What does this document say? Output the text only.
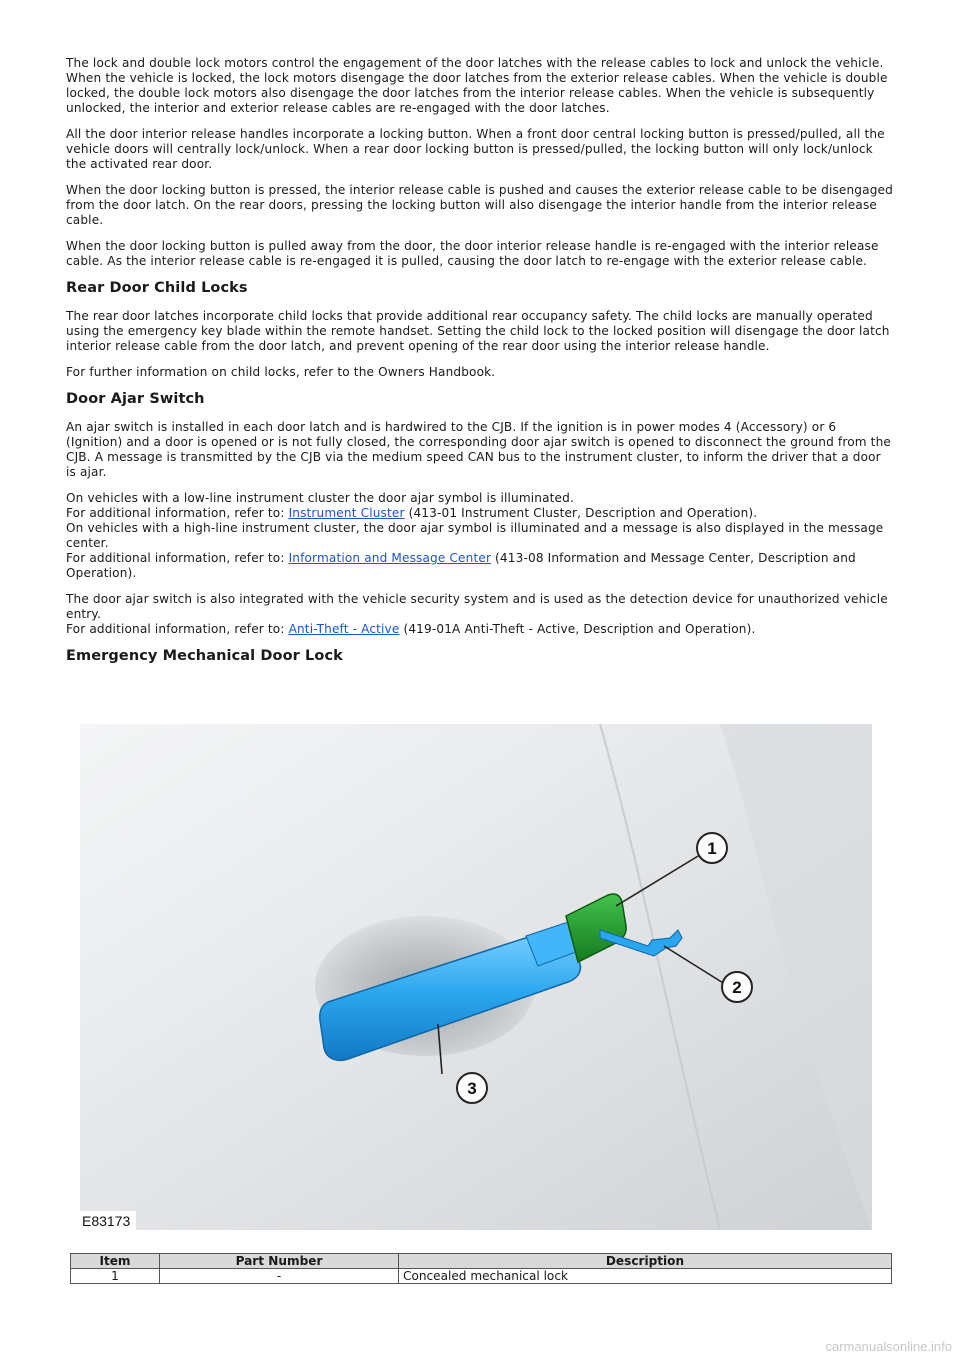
The lock and double lock motors control the engagement of the door latches with the release cables to lock and unlock the vehicle. When the vehicle is locked, the lock motors disengage the door latches from the exterior release cables. When the vehicle is double locked, the double lock motors also disengage the door latches from the interior release cables. When the vehicle is subsequently unlocked, the interior and exterior release cables are re-engaged with the door latches.

All the door interior release handles incorporate a locking button. When a front door central locking button is pressed/pulled, all the vehicle doors will centrally lock/unlock. When a rear door locking button is pressed/pulled, the locking button will only lock/unlock the activated rear door.

When the door locking button is pressed, the interior release cable is pushed and causes the exterior release cable to be disengaged from the door latch. On the rear doors, pressing the locking button will also disengage the interior handle from the interior release cable.

When the door locking button is pulled away from the door, the door interior release handle is re-engaged with the interior release cable. As the interior release cable is re-engaged it is pulled, causing the door latch to re-engage with the exterior release cable.

Rear Door Child Locks

The rear door latches incorporate child locks that provide additional rear occupancy safety. The child locks are manually operated using the emergency key blade within the remote handset. Setting the child lock to the locked position will disengage the door latch interior release cable from the door latch, and prevent opening of the rear door using the interior release handle.

For further information on child locks, refer to the Owners Handbook.

Door Ajar Switch

An ajar switch is installed in each door latch and is hardwired to the CJB. If the ignition is in power modes 4 (Accessory) or 6 (Ignition) and a door is opened or is not fully closed, the corresponding door ajar switch is opened to disconnect the ground from the CJB. A message is transmitted by the CJB via the medium speed CAN bus to the instrument cluster, to inform the driver that a door is ajar.

On vehicles with a low-line instrument cluster the door ajar symbol is illuminated.
For additional information, refer to: Instrument Cluster (413-01 Instrument Cluster, Description and Operation).
On vehicles with a high-line instrument cluster, the door ajar symbol is illuminated and a message is also displayed in the message center.
For additional information, refer to: Information and Message Center (413-08 Information and Message Center, Description and Operation).

The door ajar switch is also integrated with the vehicle security system and is used as the detection device for unauthorized vehicle entry.
For additional information, refer to: Anti-Theft - Active (419-01A Anti-Theft - Active, Description and Operation).

Emergency Mechanical Door Lock
1
2
3
E83173
Item	Part Number	Description
1	-	Concealed mechanical lock
carmanualsonline.info
